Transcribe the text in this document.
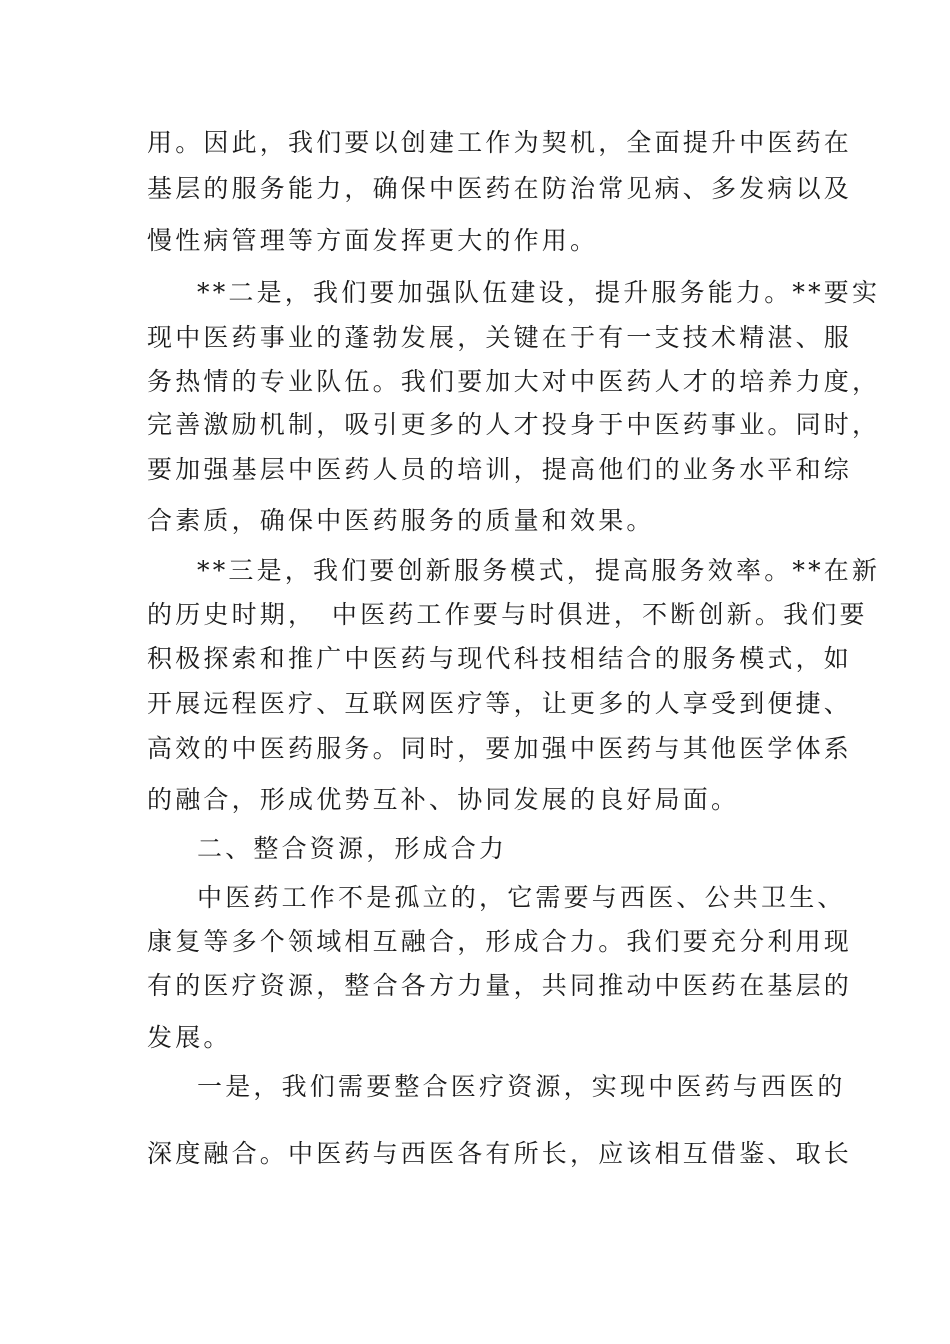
用。因此，我们要以创建工作为契机，全面提升中医药在
基层的服务能力，确保中医药在防治常见病、多发病以及
慢性病管理等方面发挥更大的作用。
**二是，我们要加强队伍建设，提升服务能力。**要实
现中医药事业的蓬勃发展，关键在于有一支技术精湛、服
务热情的专业队伍。我们要加大对中医药人才的培养力度，
完善激励机制，吸引更多的人才投身于中医药事业。同时，
要加强基层中医药人员的培训，提高他们的业务水平和综
合素质，确保中医药服务的质量和效果。
**三是，我们要创新服务模式，提高服务效率。**在新
的历史时期，　中医药工作要与时俱进，不断创新。我们要
积极探索和推广中医药与现代科技相结合的服务模式，如
开展远程医疗、互联网医疗等，让更多的人享受到便捷、
高效的中医药服务。同时，要加强中医药与其他医学体系
的融合，形成优势互补、协同发展的良好局面。
二、整合资源，形成合力
中医药工作不是孤立的，它需要与西医、公共卫生、
康复等多个领域相互融合，形成合力。我们要充分利用现
有的医疗资源，整合各方力量，共同推动中医药在基层的
发展。
一是，我们需要整合医疗资源，实现中医药与西医的
深度融合。中医药与西医各有所长，应该相互借鉴、取长
